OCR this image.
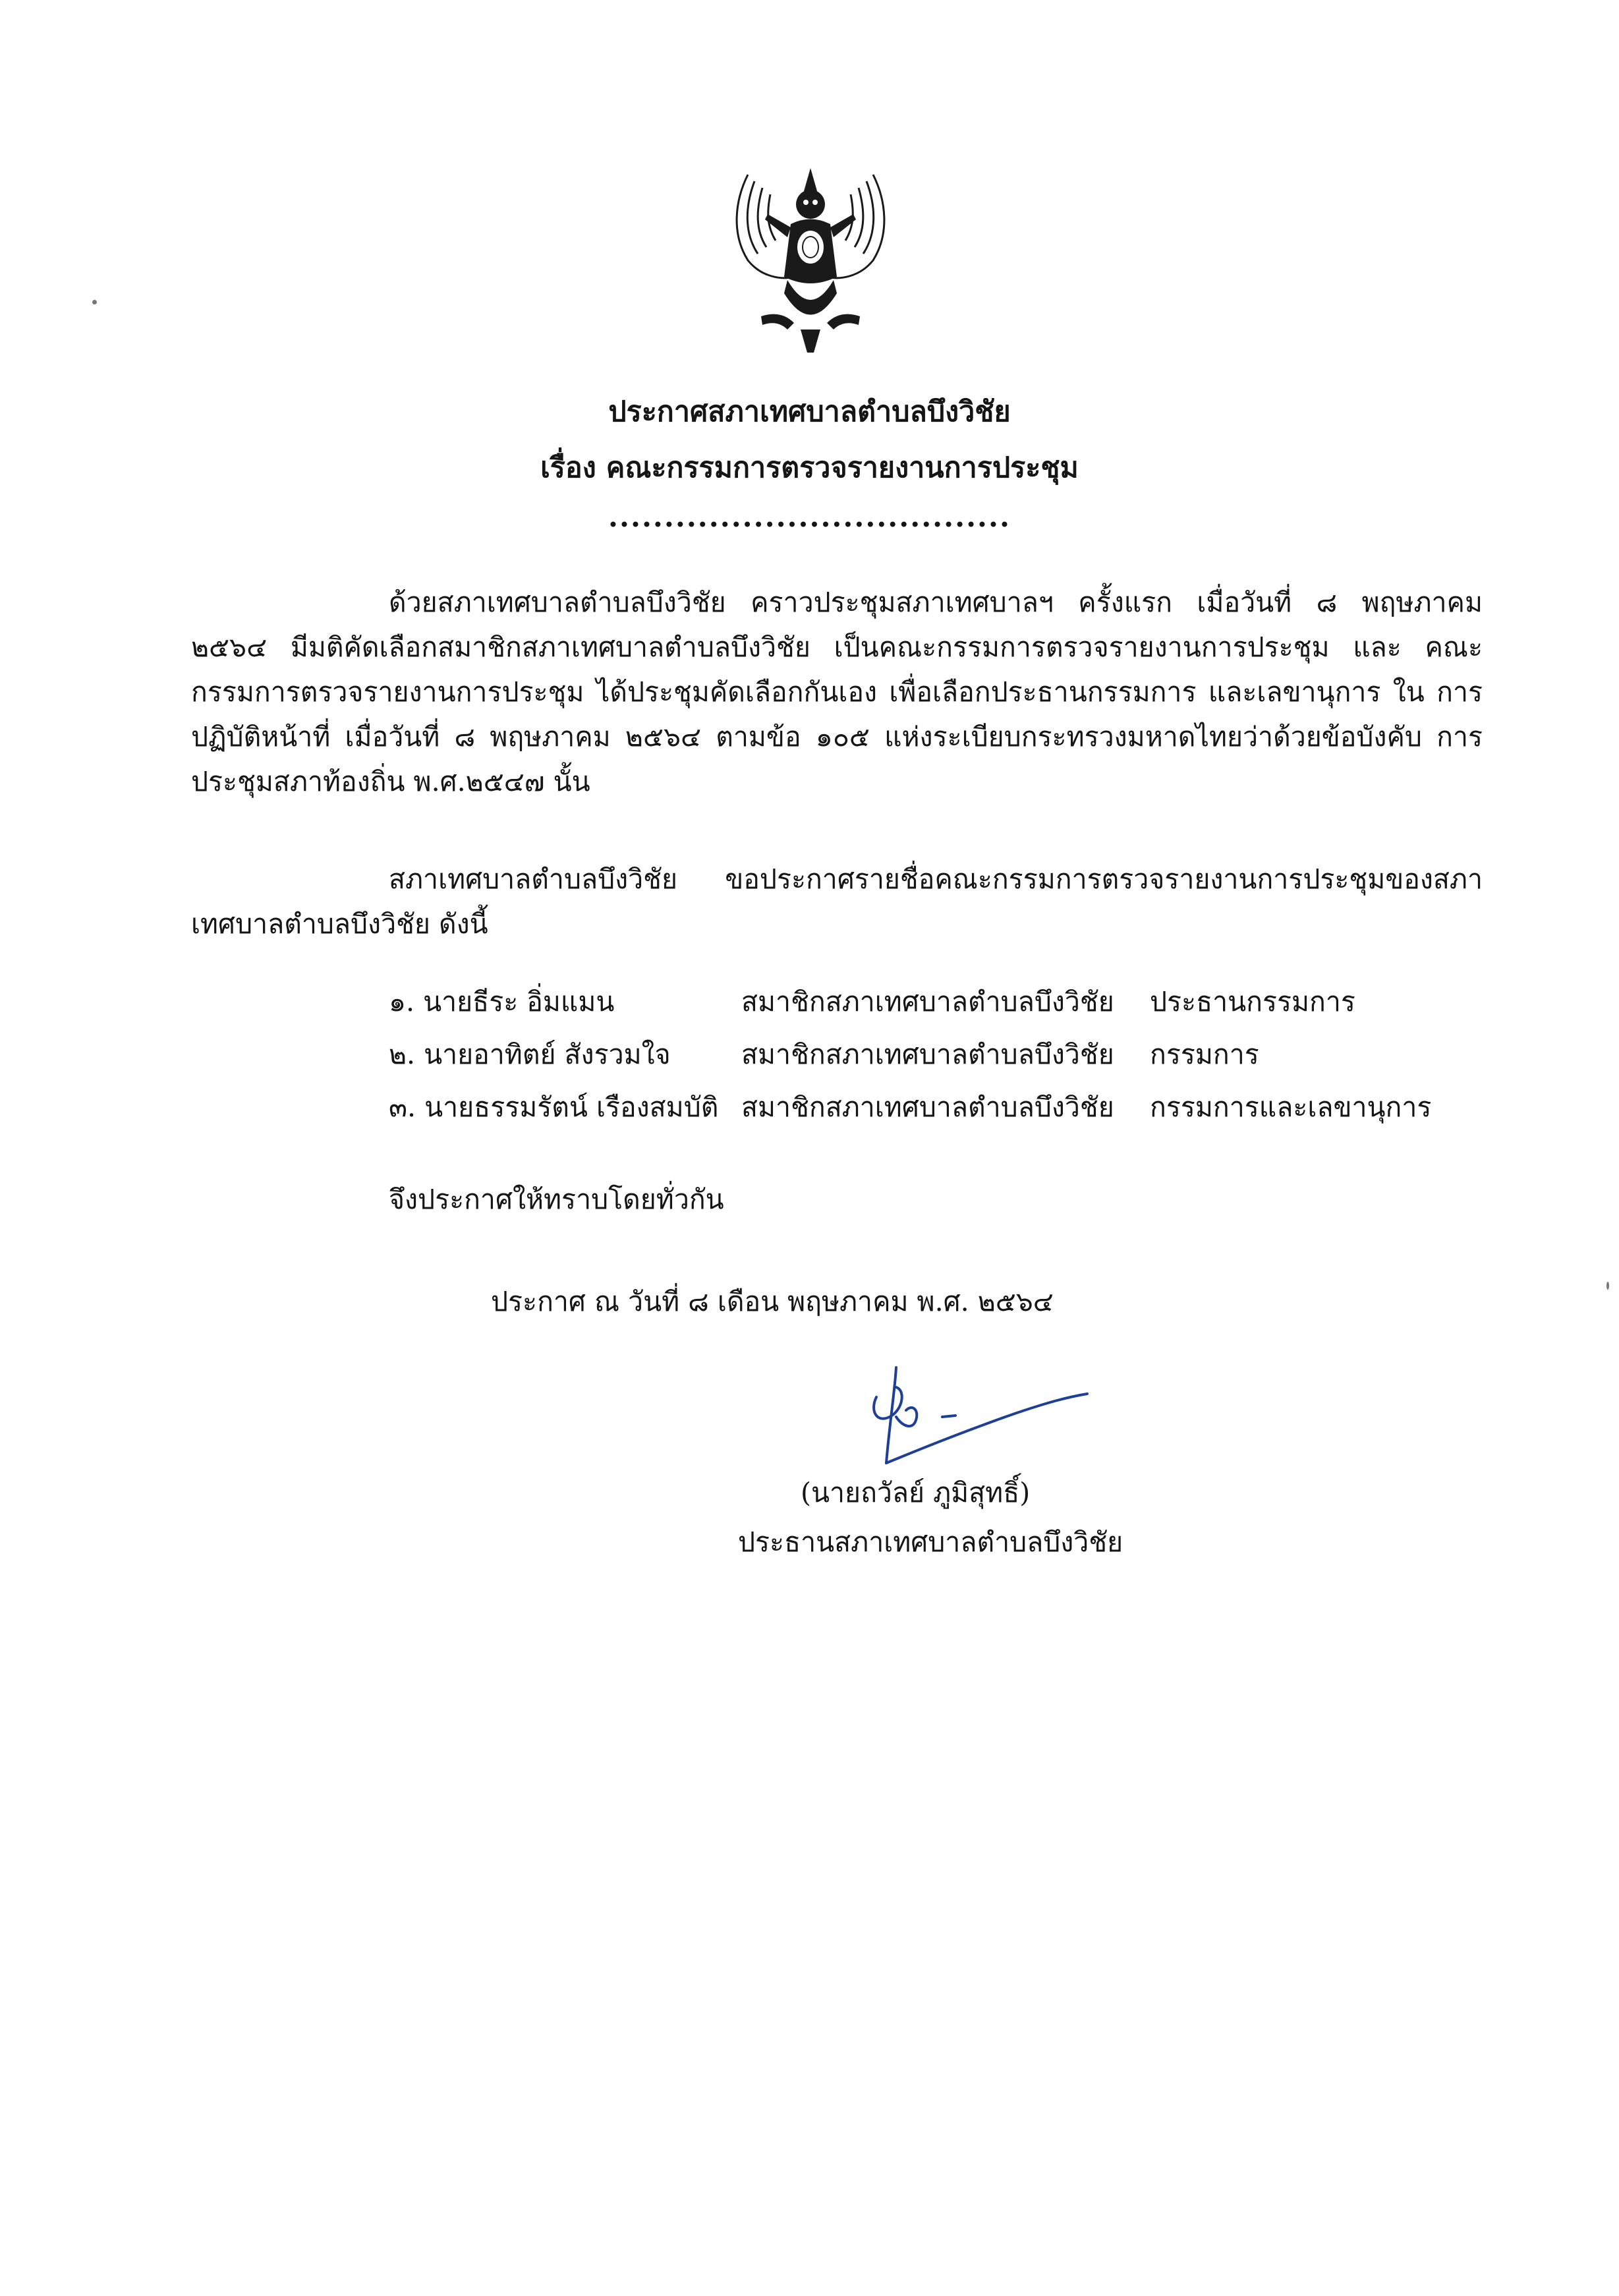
ประกาศสภาเทศบาลตำบลบึงวิชัย
เรื่อง คณะกรรมการตรวจรายงานการประชุม
....................................
ด้วยสภาเทศบาลตำบลบึงวิชัย คราวประชุมสภาเทศบาลฯ ครั้งแรก เมื่อวันที่ ๘ พฤษภาคม ๒๕๖๔ มีมติคัดเลือกสมาชิกสภาเทศบาลตำบลบึงวิชัย เป็นคณะกรรมการตรวจรายงานการประชุม และ คณะกรรมการตรวจรายงานการประชุม ได้ประชุมคัดเลือกกันเอง เพื่อเลือกประธานกรรมการ และเลขานุการ ใน การปฏิบัติหน้าที่ เมื่อวันที่ ๘ พฤษภาคม ๒๕๖๔ ตามข้อ ๑๐๕ แห่งระเบียบกระทรวงมหาดไทยว่าด้วยข้อบังคับ การประชุมสภาท้องถิ่น พ.ศ.๒๕๔๗ นั้น
สภาเทศบาลตำบลบึงวิชัย ขอประกาศรายชื่อคณะกรรมการตรวจรายงานการประชุมของสภา เทศบาลตำบลบึงวิชัย ดังนี้
๑. นายธีระ อิ่มแมน	สมาชิกสภาเทศบาลตำบลบึงวิชัย ประธานกรรมการ
๒. นายอาทิตย์ สังรวมใจ	สมาชิกสภาเทศบาลตำบลบึงวิชัย กรรมการ
๓. นายธรรมรัตน์ เรืองสมบัติ สมาชิกสภาเทศบาลตำบลบึงวิชัย กรรมการและเลขานุการ
จึงประกาศให้ทราบโดยทั่วกัน
ประกาศ ณ วันที่ ๘ เดือน พฤษภาคม พ.ศ. ๒๕๖๔
(นายถวัลย์ ภูมิสุทธิ์)
ประธานสภาเทศบาลตำบลบึงวิชัย
